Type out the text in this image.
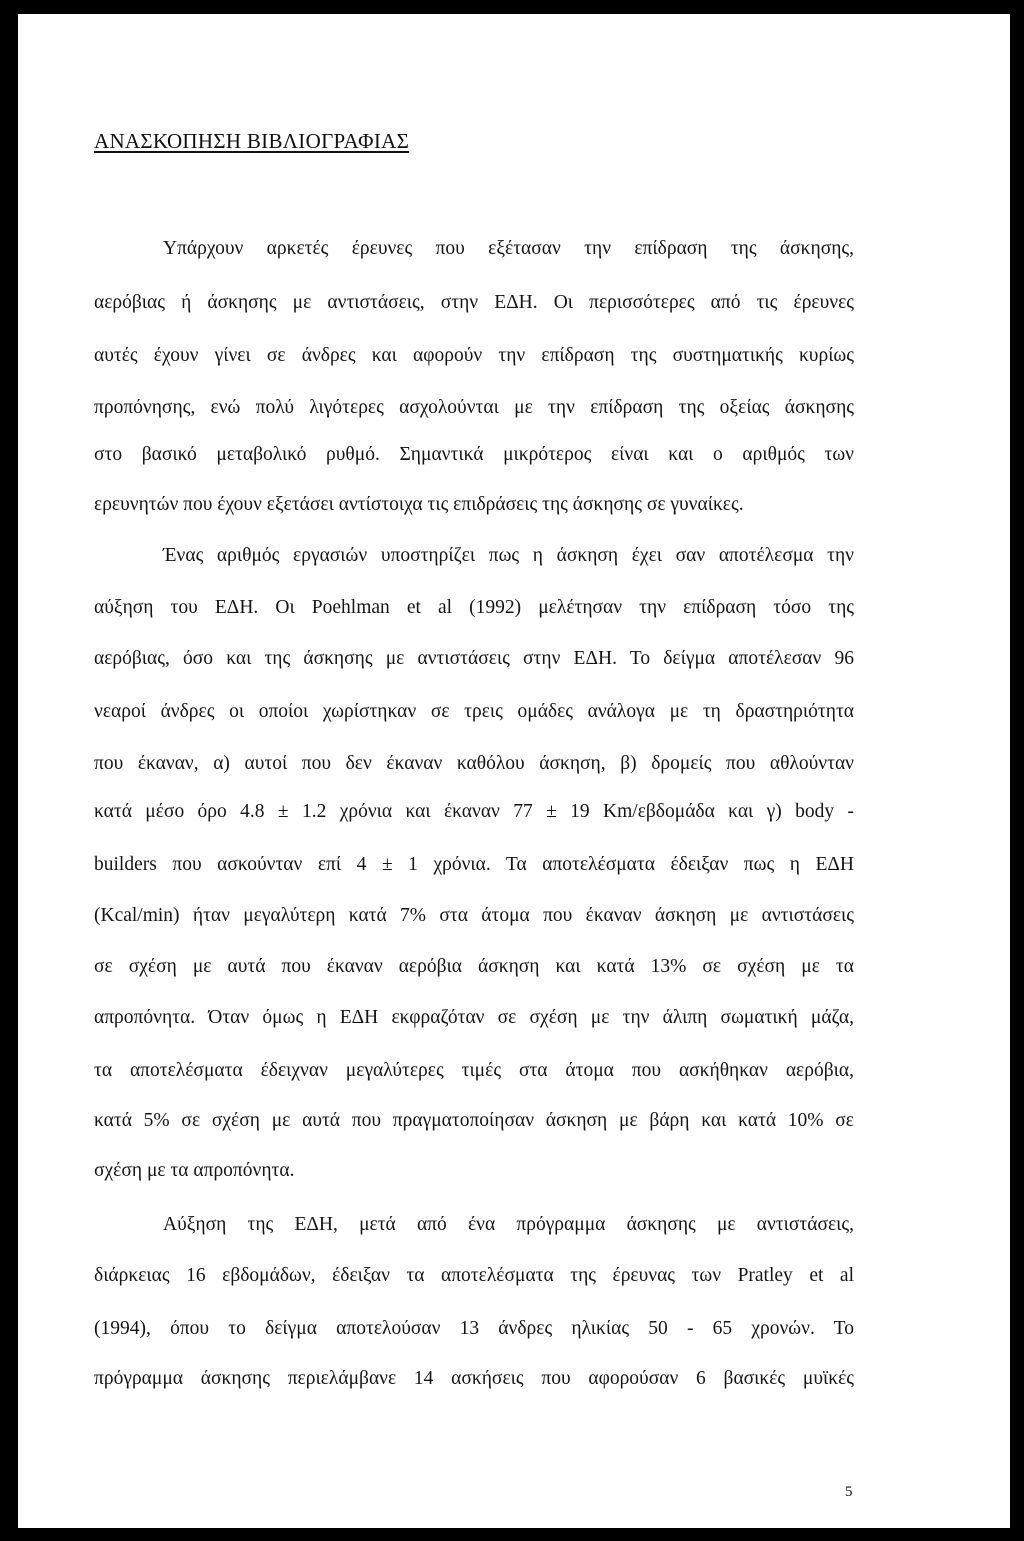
ΑΝΑΣΚΟΠΗΣΗ ΒΙΒΛΙΟΓΡΑΦΙΑΣ

Υπάρχουν αρκετές έρευνες που εξέτασαν την επίδραση της άσκησης,

αερόβιας ή άσκησης με αντιστάσεις, στην ΕΔΗ. Οι περισσότερες από τις έρευνες

αυτές έχουν γίνει σε άνδρες και αφορούν την επίδραση της συστηματικής κυρίως

προπόνησης, ενώ πολύ λιγότερες ασχολούνται με την επίδραση της οξείας άσκησης

στο βασικό μεταβολικό ρυθμό. Σημαντικά μικρότερος είναι και ο αριθμός των

ερευνητών που έχουν εξετάσει αντίστοιχα τις επιδράσεις της άσκησης σε γυναίκες.

Ένας αριθμός εργασιών υποστηρίζει πως η άσκηση έχει σαν αποτέλεσμα την

αύξηση του ΕΔΗ. Οι Poehlman et al (1992) μελέτησαν την επίδραση τόσο της

αερόβιας, όσο και της άσκησης με αντιστάσεις στην ΕΔΗ. Το δείγμα αποτέλεσαν 96

νεαροί άνδρες οι οποίοι χωρίστηκαν σε τρεις ομάδες ανάλογα με τη δραστηριότητα

που έκαναν, α) αυτοί που δεν έκαναν καθόλου άσκηση, β) δρομείς που αθλούνταν

κατά μέσο όρο 4.8 ± 1.2 χρόνια και έκαναν 77 ± 19 Km/εβδομάδα και γ) body -

builders που ασκούνταν επί 4 ± 1 χρόνια. Τα αποτελέσματα έδειξαν πως η ΕΔΗ

(Kcal/min) ήταν μεγαλύτερη κατά 7% στα άτομα που έκαναν άσκηση με αντιστάσεις

σε σχέση με αυτά που έκαναν αερόβια άσκηση και κατά 13% σε σχέση με τα

απροπόνητα. Όταν όμως η ΕΔΗ εκφραζόταν σε σχέση με την άλιπη σωματική μάζα,

τα αποτελέσματα έδειχναν μεγαλύτερες τιμές στα άτομα που ασκήθηκαν αερόβια,

κατά 5% σε σχέση με αυτά που πραγματοποίησαν άσκηση με βάρη και κατά 10% σε

σχέση με τα απροπόνητα.

Αύξηση της ΕΔΗ, μετά από ένα πρόγραμμα άσκησης με αντιστάσεις,

διάρκειας 16 εβδομάδων, έδειξαν τα αποτελέσματα της έρευνας των Pratley et al

(1994), όπου το δείγμα αποτελούσαν 13 άνδρες ηλικίας 50 - 65 χρονών. Το

πρόγραμμα άσκησης περιελάμβανε 14 ασκήσεις που αφορούσαν 6 βασικές μυϊκές

5
